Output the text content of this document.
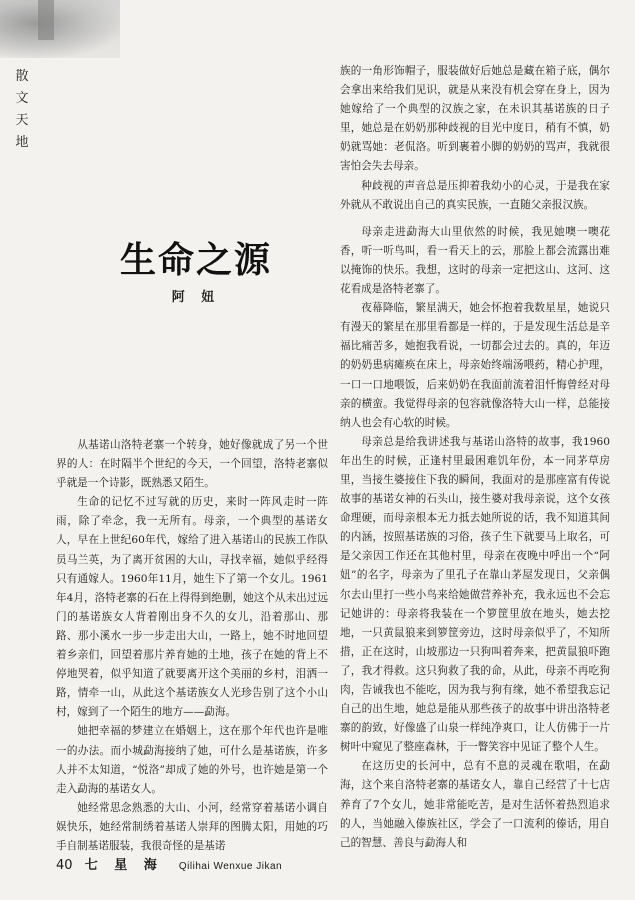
散
文
天
地
生命之源
阿 妞

从基诺山洛特老寨一个转身，她好像就成了另一个世界的人：在时隔半个世纪的今天，一个回望，洛特老寨似乎就是一个诗影，既熟悉又陌生。

生命的记忆不过写就的历史，来时一阵风走时一阵雨，除了牵念，我一无所有。母亲，一个典型的基诺女人，早在上世纪60年代，嫁给了进入基诺山的民族工作队员马兰英，为了离开贫困的大山，寻找幸福，她似乎经得只有通嫁人。1960年11月，她生下了第一个女儿。1961年4月，洛特老寨的石在上得得到绝删，她这个从未出过远门的基诺族女人背着刚出身不久的女儿，沿着那山、那路、那小溪水一步一步走出大山，一路上，她不时地回望着乡亲们，回望着那片养育她的土地，孩子在她的背上不停地哭着，似乎知道了就要离开这个美丽的乡村，泪洒一路，情牵一山，从此这个基诺族女人光珍告别了这个小山村，嫁到了一个陌生的地方——勐海。

她把幸福的梦建立在婚姻上，这在那个年代也许是唯一的办法。而小城勐海接纳了她，可什么是基诺族，许多人并不太知道，“悦洛”却成了她的外号，也许她是第一个走入勐海的基诺女人。

她经常思念熟悉的大山、小河，经常穿着基诺小调自娱快乐，她经常制绣着基诺人崇拜的图腾太阳，用她的巧手自制基诺服装，我很奇怪的是基诺

族的一角形饰帽子，服装做好后她总是藏在箱子底，偶尔会拿出来给我们见识，就是从来没有机会穿在身上，因为她嫁给了一个典型的汉族之家，在未识其基诺族的日子里，她总是在奶奶那种歧视的目光中度日，稍有不慎，奶奶就骂她：老侃洛。听到裹着小脚的奶奶的骂声，我就很害怕会失去母亲。

种歧视的声音总是压抑着我幼小的心灵，于是我在家外就从不敢说出自己的真实民族，一直随父亲报汉族。

母亲走进勐海大山里依然的时候，我见她噢一噢花香，听一听鸟叫，看一看天上的云，那脸上都会流露出难以掩饰的快乐。我想，这时的母亲一定把这山、这河、这花看成是洛特老寨了。

夜幕降临，繁星满天，她会怀抱着我数星星，她说只有漫天的繁星在那里看都是一样的，于是发现生活总是辛福比痛苦多，她抱我看说，一切都会过去的。真的，年迈的奶奶患病瘫痪在床上，母亲始终端汤喂药，精心护理，一口一口地喂饭，后来奶奶在我面前流着泪忏悔曾经对母亲的横蛮。我觉得母亲的包容就像洛特大山一样，总能接纳人也会有心软的时候。

母亲总是给我讲述我与基诺山洛特的故事，我1960年出生的时候，正逢村里最困难饥年份，本一同茅草房里，当接生婆接住下我的瞬间，我面对的是那座富有传说故事的基诺女神的石头山，接生婆对我母亲说，这个女孩命理硬，而母亲根本无力抵去她所说的话，我不知道其间的内涵，按照基诺族的习俗，孩子生下就要马上取名，可是父亲因工作还在其他村里，母亲在夜晚中呼出一个“阿妞”的名字，母亲为了里孔子在靠山茅屋发现日，父亲偶尔去山里打一些小鸟来给她做营养补充，我永远也不会忘记她讲的：母亲将我装在一个箩筐里放在地头，她去挖地，一只黄鼠狼来到箩筐旁边，这时母亲似乎了，不知所措，正在这时，山坡那边一只狗叫着奔来，把黄鼠狼吓跑了，我才得救。这只狗救了我的命，从此，母亲不再吃狗肉，告诫我也不能吃，因为我与狗有缘，她不希望我忘记自己的出生地，她总是能从那些孩子的故事中讲出洛特老寨的韵致，好像盛了山泉一样纯净爽口，让人仿佛于一片树叶中窥见了整座森林，于一瞥笑容中见证了整个人生。

在这历史的长河中，总有不息的灵魂在歌唱，在勐海，这个来自洛特老寨的基诺女人，靠自己经营了十七店养育了7个女儿，她非常能吃苦，是对生活怀着热烈追求的人，当她融入傣族社区，学会了一口流利的傣话，用自己的智慧、善良与勐海人和

40 七 星 海 Qilihai Wenxue Jikan
